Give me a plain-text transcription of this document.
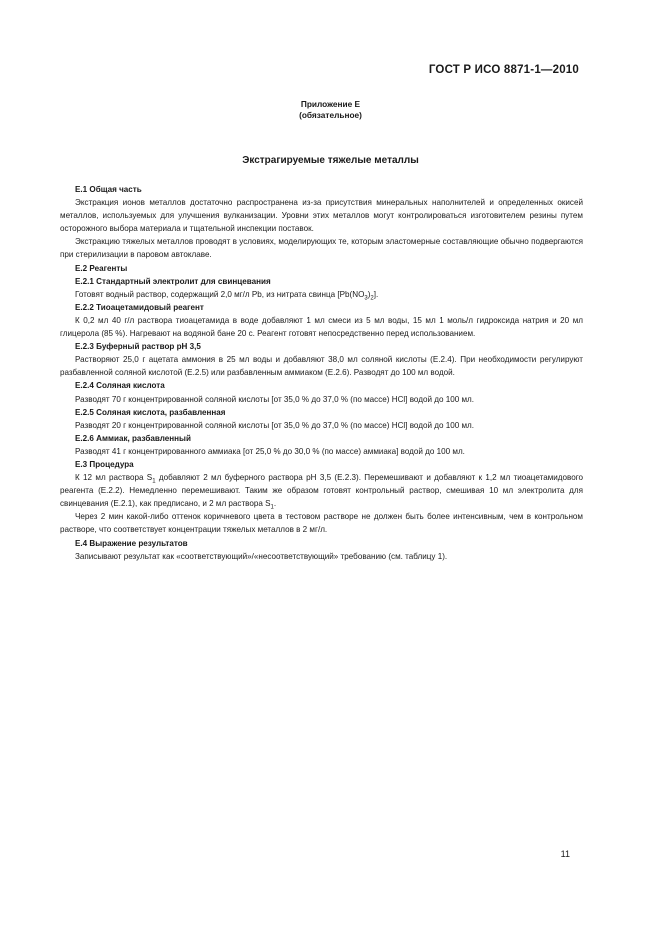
ГОСТ Р ИСО 8871-1—2010
Приложение Е
(обязательное)
Экстрагируемые тяжелые металлы

Е.1 Общая часть

Экстракция ионов металлов достаточно распространена из-за присутствия минеральных наполнителей и определенных окисей металлов, используемых для улучшения вулканизации. Уровни этих металлов могут контролироваться изготовителем резины путем осторожного выбора материала и тщательной инспекции поставок.

Экстракцию тяжелых металлов проводят в условиях, моделирующих те, которым эластомерные составляющие обычно подвергаются при стерилизации в паровом автоклаве.

Е.2 Реагенты

Е.2.1 Стандартный электролит для свинцевания

Готовят водный раствор, содержащий 2,0 мг/л Pb, из нитрата свинца $[Pb(NO_3)_2]$.

Е.2.2 Тиоацетамидовый реагент

К 0,2 мл 40 г/л раствора тиоацетамида в воде добавляют 1 мл смеси из 5 мл воды, 15 мл 1 моль/л гидроксида натрия и 20 мл глицерола (85 %). Нагревают на водяной бане 20 с. Реагент готовят непосредственно перед использованием.

Е.2.3 Буферный раствор рН 3,5

Растворяют 25,0 г ацетата аммония в 25 мл воды и добавляют 38,0 мл соляной кислоты (Е.2.4). При необходимости регулируют разбавленной соляной кислотой (Е.2.5) или разбавленным аммиаком (Е.2.6). Разводят до 100 мл водой.

Е.2.4 Соляная кислота

Разводят 70 г концентрированной соляной кислоты [от 35,0 % до 37,0 % (по массе) HCl] водой до 100 мл.

Е.2.5 Соляная кислота, разбавленная

Разводят 20 г концентрированной соляной кислоты [от 35,0 % до 37,0 % (по массе) HCl] водой до 100 мл.

Е.2.6 Аммиак, разбавленный

Разводят 41 г концентрированного аммиака [от 25,0 % до 30,0 % (по массе) аммиака] водой до 100 мл.

Е.3 Процедура

К 12 мл раствора $S_1$ добавляют 2 мл буферного раствора рН 3,5 (Е.2.3). Перемешивают и добавляют к 1,2 мл тиоацетамидового реагента (Е.2.2). Немедленно перемешивают. Таким же образом готовят контрольный раствор, смешивая 10 мл электролита для свинцевания (Е.2.1), как предписано, и 2 мл раствора $S_1$.

Через 2 мин какой-либо оттенок коричневого цвета в тестовом растворе не должен быть более интенсивным, чем в контрольном растворе, что соответствует концентрации тяжелых металлов в 2 мг/л.

Е.4 Выражение результатов

Записывают результат как «соответствующий»/«несоответствующий» требованию (см. таблицу 1).

11
